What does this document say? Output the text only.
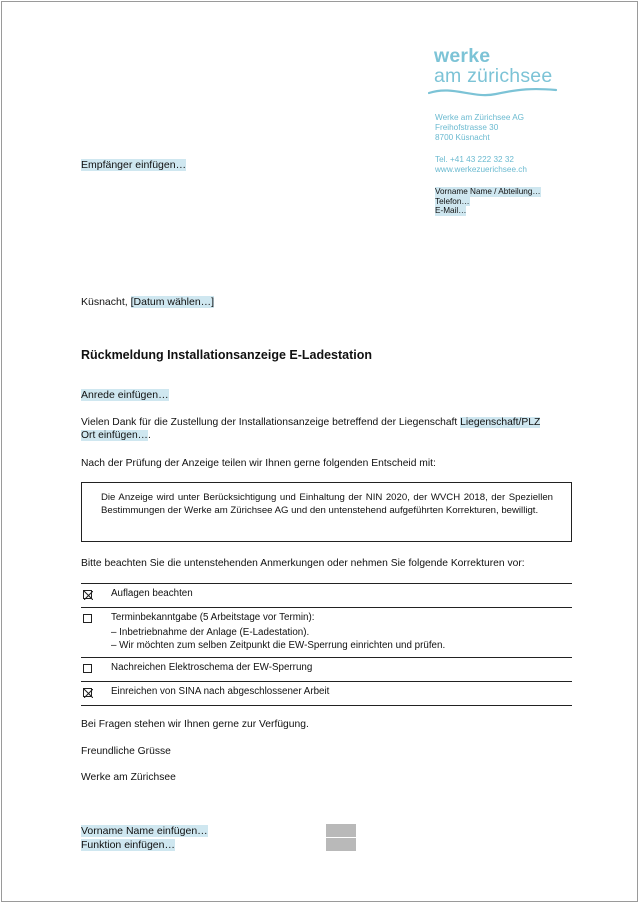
werke
am zürichsee
Werke am Zürichsee AG
Freihofstrasse 30
8700 Küsnacht
Tel. +41 43 222 32 32
www.werkezuerichsee.ch
Vorname Name / Abteilung…
Telefon…
E-Mail…
Empfänger einfügen…
Küsnacht, [Datum wählen…]
Rückmeldung Installationsanzeige E-Ladestation
Anrede einfügen…
Vielen Dank für die Zustellung der Installationsanzeige betreffend der Liegenschaft Liegenschaft/PLZ
Ort einfügen….
Nach der Prüfung der Anzeige teilen wir Ihnen gerne folgenden Entscheid mit:
Die Anzeige wird unter Berücksichtigung und Einhaltung der NIN 2020, der WVCH 2018, der Speziellen Bestimmungen der Werke am Zürichsee AG und den untenstehend aufgeführten Korrekturen, bewilligt.
Bitte beachten Sie die untenstehenden Anmerkungen oder nehmen Sie folgende Korrekturen vor:
Auflagen beachten
Terminbekanntgabe (5 Arbeitstage vor Termin):
– Inbetriebnahme der Anlage (E-Ladestation).
– Wir möchten zum selben Zeitpunkt die EW-Sperrung einrichten und prüfen.
Nachreichen Elektroschema der EW-Sperrung
Einreichen von SINA nach abgeschlossener Arbeit
Bei Fragen stehen wir Ihnen gerne zur Verfügung.
Freundliche Grüsse
Werke am Zürichsee
Vorname Name einfügen…
Funktion einfügen…
